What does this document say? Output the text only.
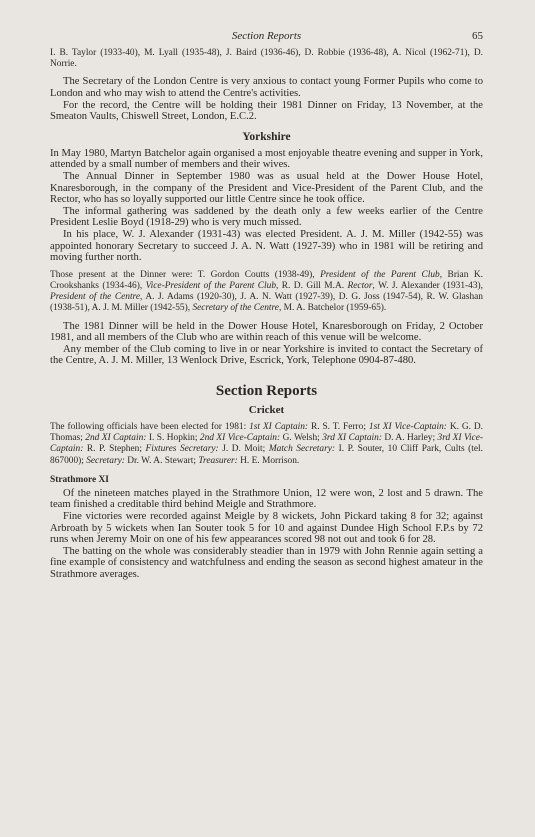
Section Reports	65

I. B. Taylor (1933-40), M. Lyall (1935-48), J. Baird (1936-46), D. Robbie (1936-48), A. Nicol (1962-71), D. Norrie.

The Secretary of the London Centre is very anxious to contact young Former Pupils who come to London and who may wish to attend the Centre's activities.

For the record, the Centre will be holding their 1981 Dinner on Friday, 13 November, at the Smeaton Vaults, Chiswell Street, London, E.C.2.

Yorkshire

In May 1980, Martyn Batchelor again organised a most enjoyable theatre evening and supper in York, attended by a small number of members and their wives.

The Annual Dinner in September 1980 was as usual held at the Dower House Hotel, Knaresborough, in the company of the President and Vice-President of the Parent Club, and the Rector, who has so loyally supported our little Centre since he took office.

The informal gathering was saddened by the death only a few weeks earlier of the Centre President Leslie Boyd (1918-29) who is very much missed.

In his place, W. J. Alexander (1931-43) was elected President. A. J. M. Miller (1942-55) was appointed honorary Secretary to succeed J. A. N. Watt (1927-39) who in 1981 will be retiring and moving further north.

Those present at the Dinner were: T. Gordon Coutts (1938-49), President of the Parent Club, Brian K. Crookshanks (1934-46), Vice-President of the Parent Club, R. D. Gill M.A. Rector, W. J. Alexander (1931-43), President of the Centre, A. J. Adams (1920-30), J. A. N. Watt (1927-39), D. G. Joss (1947-54), R. W. Glashan (1938-51), A. J. M. Miller (1942-55), Secretary of the Centre, M. A. Batchelor (1959-65).

The 1981 Dinner will be held in the Dower House Hotel, Knaresborough on Friday, 2 October 1981, and all members of the Club who are within reach of this venue will be welcome.

Any member of the Club coming to live in or near Yorkshire is invited to contact the Secretary of the Centre, A. J. M. Miller, 13 Wenlock Drive, Escrick, York, Telephone 0904-87-480.

Section Reports
Cricket

The following officials have been elected for 1981: 1st XI Captain: R. S. T. Ferro; 1st XI Vice-Captain: K. G. D. Thomas; 2nd XI Captain: I. S. Hopkin; 2nd XI Vice-Captain: G. Welsh; 3rd XI Captain: D. A. Harley; 3rd XI Vice-Captain: R. P. Stephen; Fixtures Secretary: J. D. Moit; Match Secretary: I. P. Souter, 10 Cliff Park, Cults (tel. 867000); Secretary: Dr. W. A. Stewart; Treasurer: H. E. Morrison.

Strathmore XI

Of the nineteen matches played in the Strathmore Union, 12 were won, 2 lost and 5 drawn. The team finished a creditable third behind Meigle and Strathmore.

Fine victories were recorded against Meigle by 8 wickets, John Pickard taking 8 for 32; against Arbroath by 5 wickets when Ian Souter took 5 for 10 and against Dundee High School F.P.s by 72 runs when Jeremy Moir on one of his few appearances scored 98 not out and took 6 for 28.

The batting on the whole was considerably steadier than in 1979 with John Rennie again setting a fine example of consistency and watchfulness and ending the season as second highest amateur in the Strathmore averages.
